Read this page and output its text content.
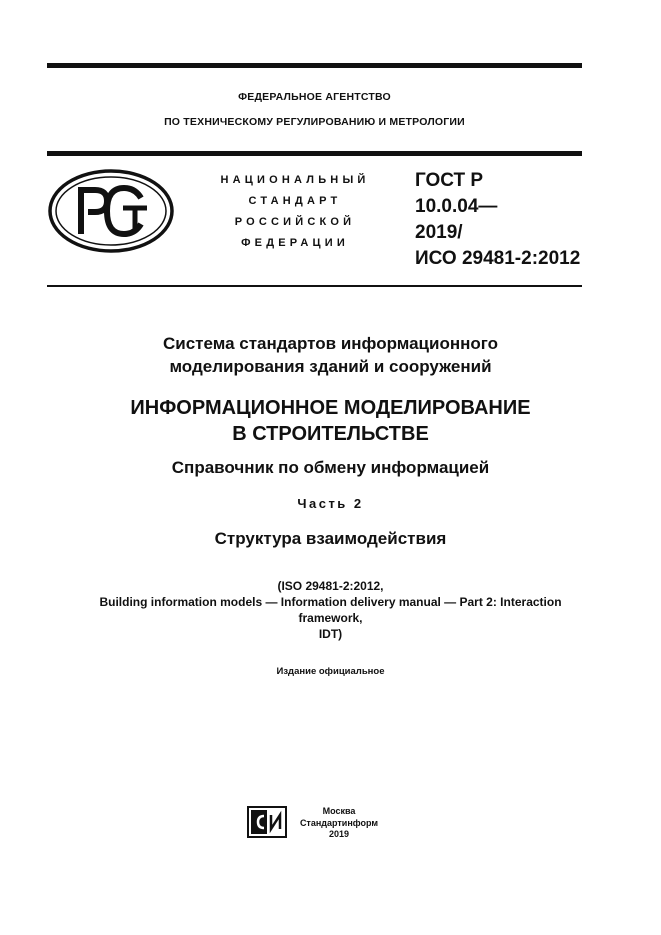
ФЕДЕРАЛЬНОЕ АГЕНТСТВО
ПО ТЕХНИЧЕСКОМУ РЕГУЛИРОВАНИЮ И МЕТРОЛОГИИ
НАЦИОНАЛЬНЫЙ
СТАНДАРТ
РОССИЙСКОЙ
ФЕДЕРАЦИИ
ГОСТ Р
10.0.04—
2019/
ИСО 29481-2:2012
Система стандартов информационного
моделирования зданий и сооружений
ИНФОРМАЦИОННОЕ МОДЕЛИРОВАНИЕ
В СТРОИТЕЛЬСТВЕ
Справочник по обмену информацией
Часть 2
Структура взаимодействия
(ISO 29481-2:2012,
Building information models — Information delivery manual — Part 2: Interaction
framework,
IDT)
Издание официальное
Москва
Стандартинформ
2019
